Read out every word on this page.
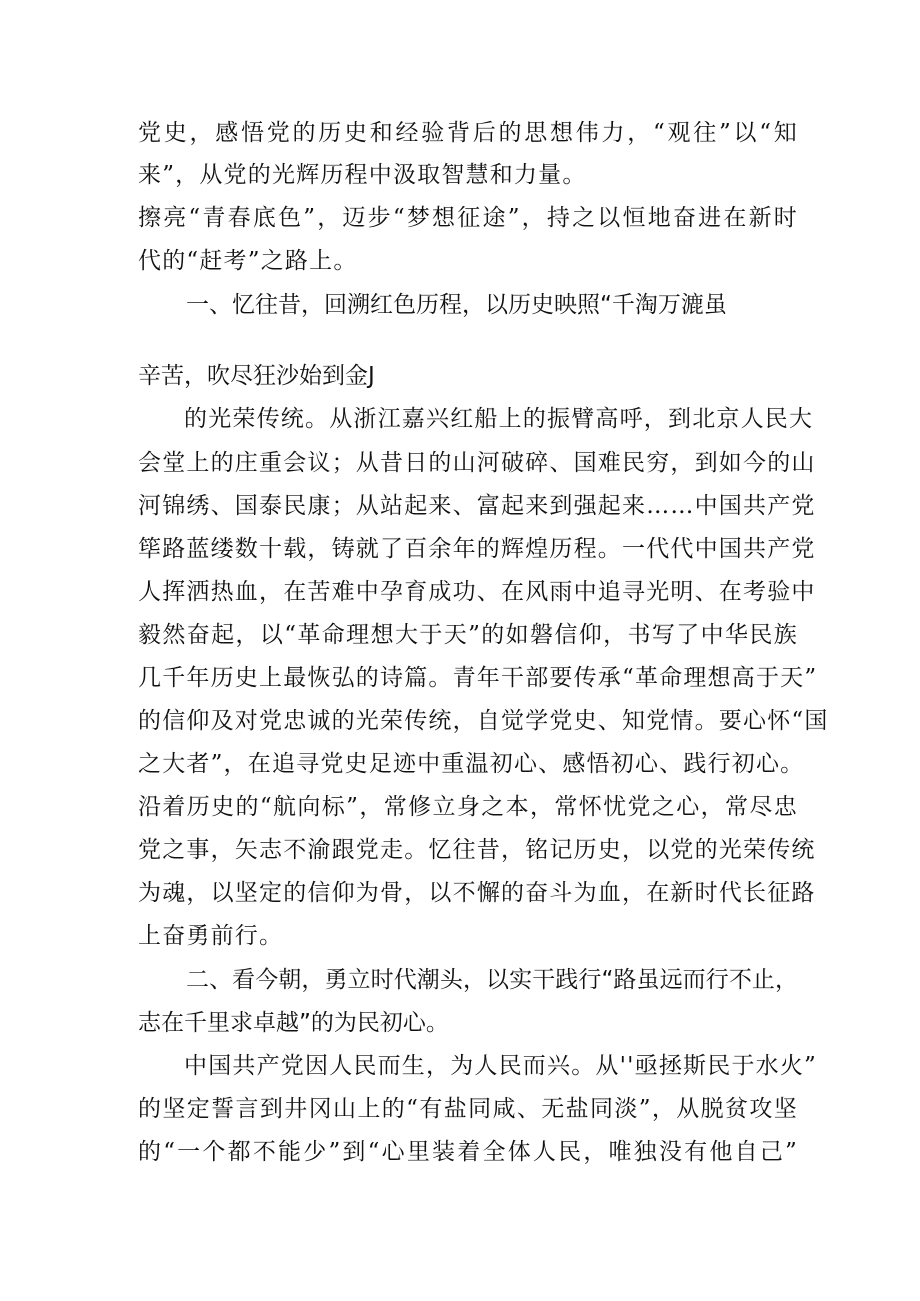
党史，感悟党的历史和经验背后的思想伟力，“观往”以“知
来”，从党的光辉历程中汲取智慧和力量。
擦亮“青春底色”，迈步“梦想征途”，持之以恒地奋进在新时
代的“赶考”之路上。
一、忆往昔，回溯红色历程，以历史映照“千淘万漉虽
辛苦，吹尽狂沙始到金J
的光荣传统。从浙江嘉兴红船上的振臂高呼，到北京人民大
会堂上的庄重会议；从昔日的山河破碎、国难民穷，到如今的山
河锦绣、国泰民康；从站起来、富起来到强起来……中国共产党
筚路蓝缕数十载，铸就了百余年的辉煌历程。一代代中国共产党
人挥洒热血，在苦难中孕育成功、在风雨中追寻光明、在考验中
毅然奋起，以“革命理想大于天”的如磐信仰，书写了中华民族
几千年历史上最恢弘的诗篇。青年干部要传承“革命理想高于天”
的信仰及对党忠诚的光荣传统，自觉学党史、知党情。要心怀“国
之大者”，在追寻党史足迹中重温初心、感悟初心、践行初心。
沿着历史的“航向标”，常修立身之本，常怀忧党之心，常尽忠
党之事，矢志不渝跟党走。忆往昔，铭记历史，以党的光荣传统
为魂，以坚定的信仰为骨，以不懈的奋斗为血，在新时代长征路
上奋勇前行。
二、看今朝，勇立时代潮头，以实干践行“路虽远而行不止，
志在千里求卓越”的为民初心。
中国共产党因人民而生，为人民而兴。从''亟拯斯民于水火”
的坚定誓言到井冈山上的“有盐同咸、无盐同淡”，从脱贫攻坚
的“一个都不能少”到“心里装着全体人民，唯独没有他自己”
